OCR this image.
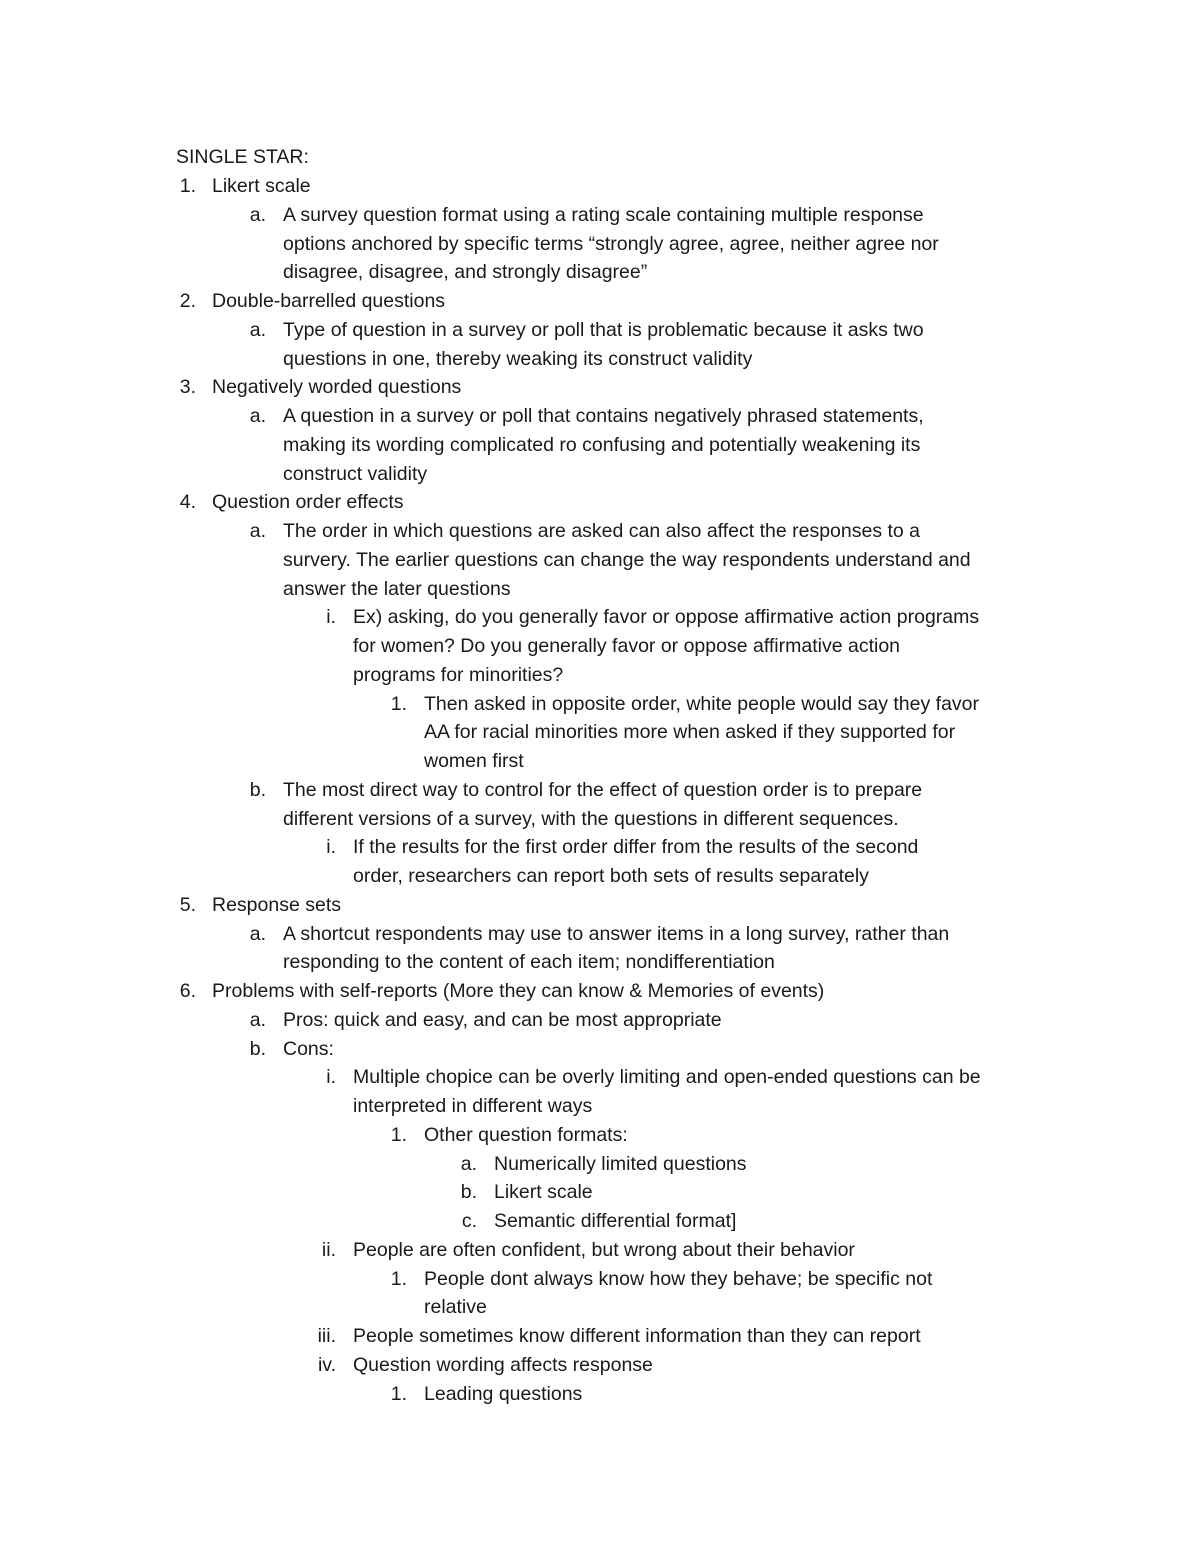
SINGLE STAR:
1. Likert scale
a. A survey question format using a rating scale containing multiple response
options anchored by specific terms “strongly agree, agree, neither agree nor
disagree, disagree, and strongly disagree”
2. Double-barrelled questions
a. Type of question in a survey or poll that is problematic because it asks two
questions in one, thereby weaking its construct validity
3. Negatively worded questions
a. A question in a survey or poll that contains negatively phrased statements,
making its wording complicated ro confusing and potentially weakening its
construct validity
4. Question order effects
a. The order in which questions are asked can also affect the responses to a
survery. The earlier questions can change the way respondents understand and
answer the later questions
i. Ex) asking, do you generally favor or oppose affirmative action programs
for women? Do you generally favor or oppose affirmative action
programs for minorities?
1. Then asked in opposite order, white people would say they favor
AA for racial minorities more when asked if they supported for
women first
b. The most direct way to control for the effect of question order is to prepare
different versions of a survey, with the questions in different sequences.
i. If the results for the first order differ from the results of the second
order, researchers can report both sets of results separately
5. Response sets
a. A shortcut respondents may use to answer items in a long survey, rather than
responding to the content of each item; nondifferentiation
6. Problems with self-reports (More they can know & Memories of events)
a. Pros: quick and easy, and can be most appropriate
b. Cons:
i. Multiple chopice can be overly limiting and open-ended questions can be
interpreted in different ways
1. Other question formats:
a. Numerically limited questions
b. Likert scale
c. Semantic differential format]
ii. People are often confident, but wrong about their behavior
1. People dont always know how they behave; be specific not
relative
iii. People sometimes know different information than they can report
iv. Question wording affects response
1. Leading questions
